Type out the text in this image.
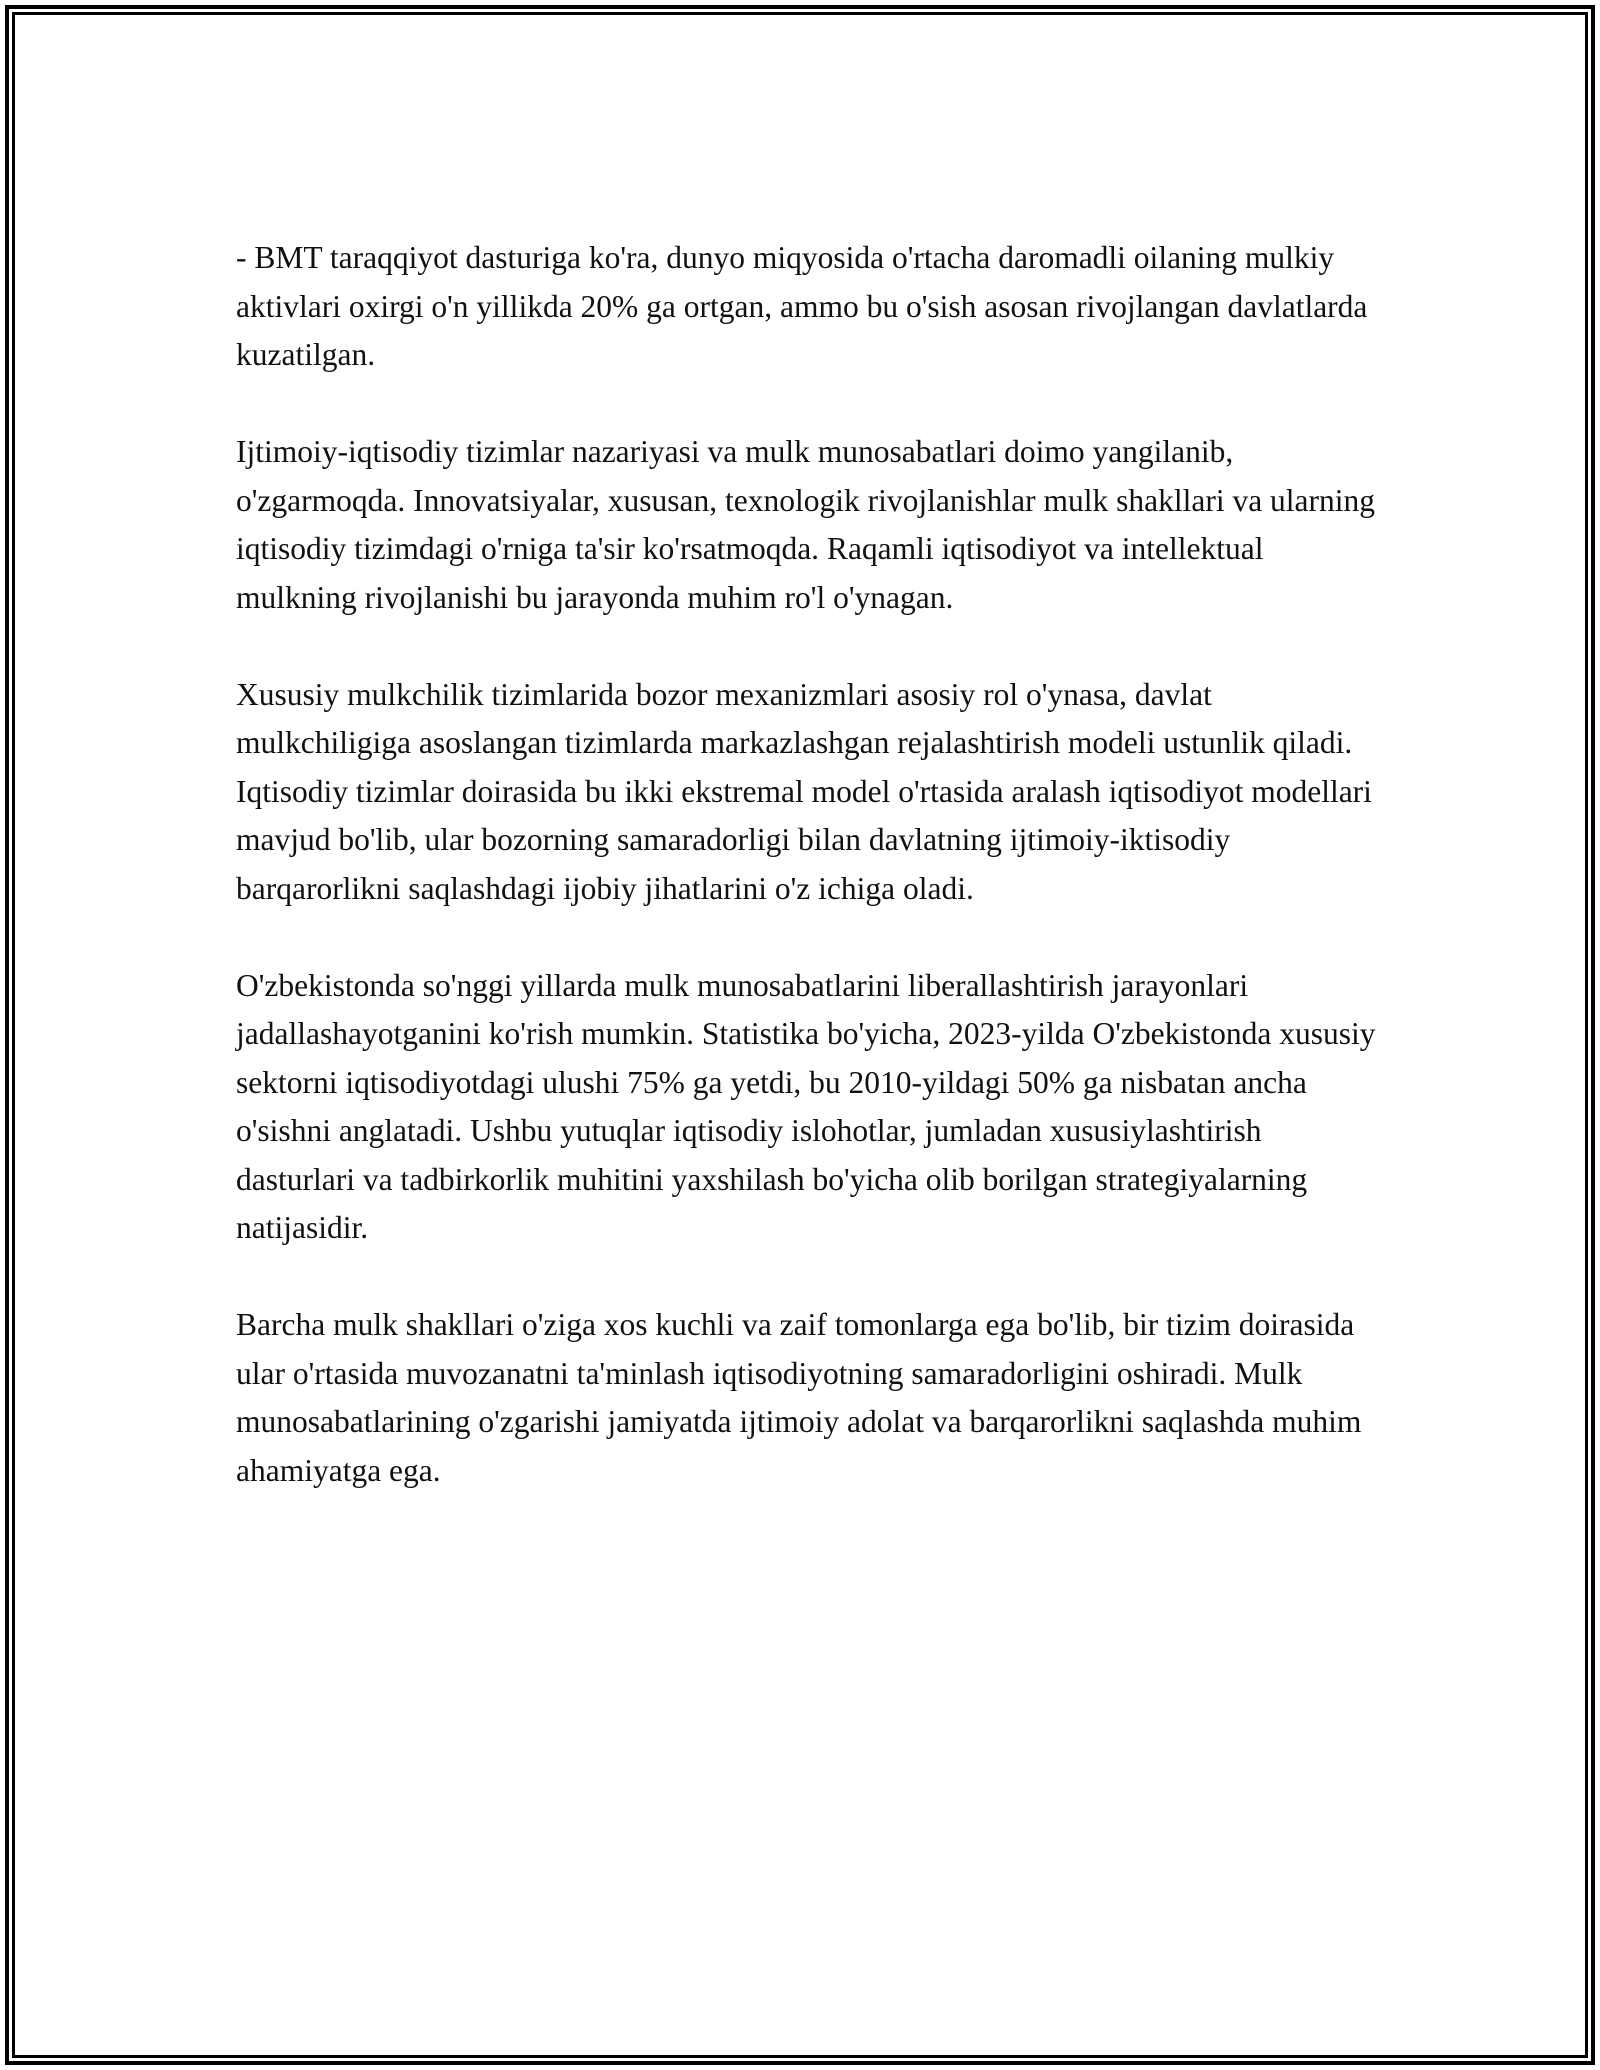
- BMT taraqqiyot dasturiga ko'ra, dunyo miqyosida o'rtacha daromadli oilaning mulkiy aktivlari oxirgi o'n yillikda 20% ga ortgan, ammo bu o'sish asosan rivojlangan davlatlarda kuzatilgan.

Ijtimoiy-iqtisodiy tizimlar nazariyasi va mulk munosabatlari doimo yangilanib, o'zgarmoqda. Innovatsiyalar, xususan, texnologik rivojlanishlar mulk shakllari va ularning iqtisodiy tizimdagi o'rniga ta'sir ko'rsatmoqda. Raqamli iqtisodiyot va intellektual mulkning rivojlanishi bu jarayonda muhim ro'l o'ynagan.

Xususiy mulkchilik tizimlarida bozor mexanizmlari asosiy rol o'ynasa, davlat mulkchiligiga asoslangan tizimlarda markazlashgan rejalashtirish modeli ustunlik qiladi. Iqtisodiy tizimlar doirasida bu ikki ekstremal model o'rtasida aralash iqtisodiyot modellari mavjud bo'lib, ular bozorning samaradorligi bilan davlatning ijtimoiy-iktisodiy barqarorlikni saqlashdagi ijobiy jihatlarini o'z ichiga oladi.

O'zbekistonda so'nggi yillarda mulk munosabatlarini liberallashtirish jarayonlari jadallashayotganini ko'rish mumkin. Statistika bo'yicha, 2023-yilda O'zbekistonda xususiy sektorni iqtisodiyotdagi ulushi 75% ga yetdi, bu 2010-yildagi 50% ga nisbatan ancha o'sishni anglatadi. Ushbu yutuqlar iqtisodiy islohotlar, jumladan xususiylashtirish dasturlari va tadbirkorlik muhitini yaxshilash bo'yicha olib borilgan strategiyalarning natijasidir.

Barcha mulk shakllari o'ziga xos kuchli va zaif tomonlarga ega bo'lib, bir tizim doirasida ular o'rtasida muvozanatni ta'minlash iqtisodiyotning samaradorligini oshiradi. Mulk munosabatlarining o'zgarishi jamiyatda ijtimoiy adolat va barqarorlikni saqlashda muhim ahamiyatga ega.
